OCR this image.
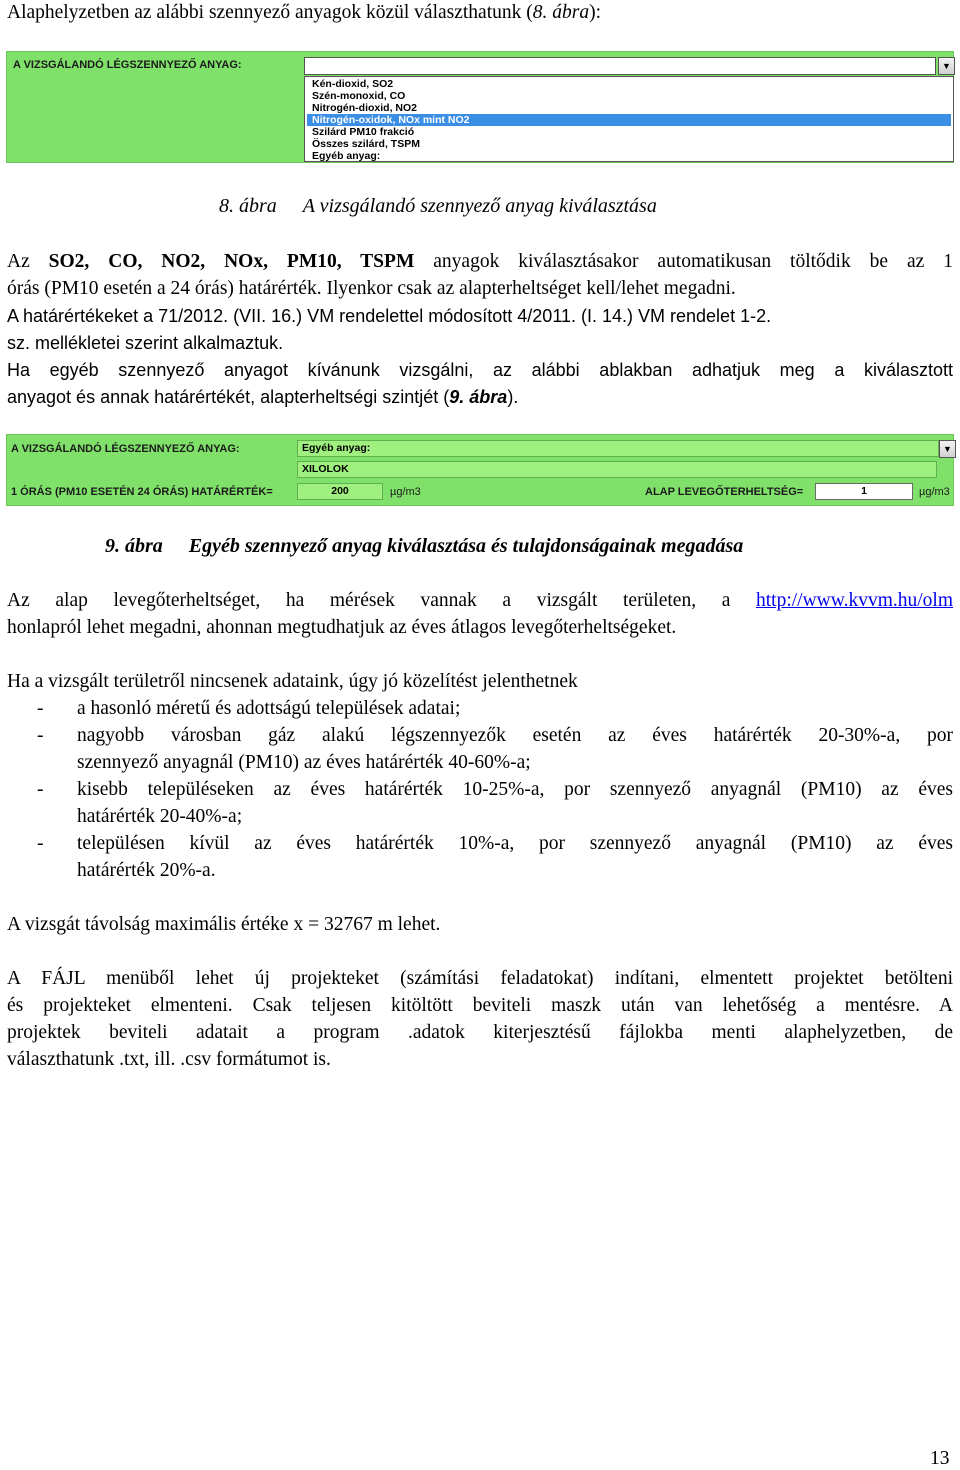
Alaphelyzetben az alábbi szennyező anyagok közül választhatunk (8. ábra):
A VIZSGÁLANDÓ LÉGSZENNYEZŐ ANYAG:	▼
Kén-dioxid, SO2
Szén-monoxid, CO
Nitrogén-dioxid, NO2
Nitrogén-oxidok, NOx mint NO2
Szilárd PM10 frakció
Összes szilárd, TSPM
Egyéb anyag:
8. ábra A vizsgálandó szennyező anyag kiválasztása
Az SO2, CO, NO2, NOx, PM10, TSPM anyagok kiválasztásakor automatikusan töltődik be az 1
órás (PM10 esetén a 24 órás) határérték. Ilyenkor csak az alapterheltséget kell/lehet megadni.
A határértékeket a 71/2012. (VII. 16.) VM rendelettel módosított 4/2011. (I. 14.) VM rendelet 1-2.
sz. mellékletei szerint alkalmaztuk.
Ha egyéb szennyező anyagot kívánunk vizsgálni, az alábbi ablakban adhatjuk meg a kiválasztott
anyagot és annak határértékét, alapterheltségi szintjét (9. ábra).
A VIZSGÁLANDÓ LÉGSZENNYEZŐ ANYAG:	Egyéb anyag:	▼
XILOLOK
1 ÓRÁS (PM10 ESETÉN 24 ÓRÁS) HATÁRÉRTÉK=	200	µg/m3	ALAP LEVEGŐTERHELTSÉG=	1	µg/m3
9. ábra Egyéb szennyező anyag kiválasztása és tulajdonságainak megadása
Az alap levegőterheltséget, ha mérések vannak a vizsgált területen, a http://www.kvvm.hu/olm
honlapról lehet megadni, ahonnan megtudhatjuk az éves átlagos levegőterheltségeket.
Ha a vizsgált területről nincsenek adataink, úgy jó közelítést jelenthetnek
- a hasonló méretű és adottságú települések adatai;
- nagyobb városban gáz alakú légszennyezők esetén az éves határérték 20-30%-a, por
szennyező anyagnál (PM10) az éves határérték 40-60%-a;
- kisebb településeken az éves határérték 10-25%-a, por szennyező anyagnál (PM10) az éves
határérték 20-40%-a;
- településen kívül az éves határérték 10%-a, por szennyező anyagnál (PM10) az éves
határérték 20%-a.
A vizsgát távolság maximális értéke x = 32767 m lehet.
A FÁJL menüből lehet új projekteket (számítási feladatokat) indítani, elmentett projektet betölteni
és projekteket elmenteni. Csak teljesen kitöltött beviteli maszk után van lehetőség a mentésre. A
projektek beviteli adatait a program .adatok kiterjesztésű fájlokba menti alaphelyzetben, de
választhatunk .txt, ill. .csv formátumot is.
13
